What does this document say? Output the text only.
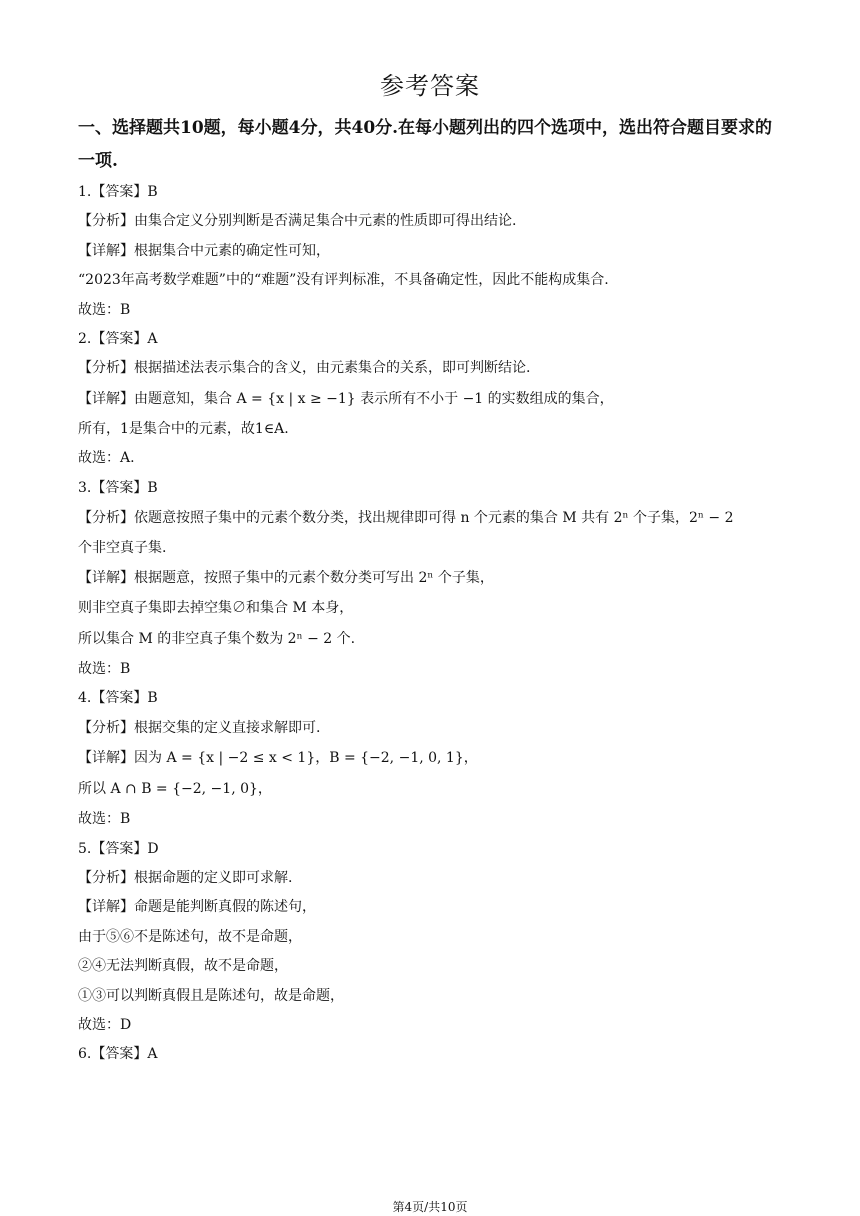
参考答案
一、选择题共10题，每小题4分，共40分.在每小题列出的四个选项中，选出符合题目要求的一项.
1.【答案】B
【分析】由集合定义分别判断是否满足集合中元素的性质即可得出结论.
【详解】根据集合中元素的确定性可知，
“2023年高考数学难题”中的“难题”没有评判标准，不具备确定性，因此不能构成集合.
故选：B
2.【答案】A
【分析】根据描述法表示集合的含义，由元素集合的关系，即可判断结论.
【详解】由题意知，集合 A = {x | x ≥ −1} 表示所有不小于 −1 的实数组成的集合，
所有，1是集合中的元素，故1∈A.
故选：A.
3.【答案】B
【分析】依题意按照子集中的元素个数分类，找出规律即可得 n 个元素的集合 M 共有 2ⁿ 个子集，2ⁿ − 2
个非空真子集.
【详解】根据题意，按照子集中的元素个数分类可写出 2ⁿ 个子集，
则非空真子集即去掉空集∅和集合 M 本身，
所以集合 M 的非空真子集个数为 2ⁿ − 2 个.
故选：B
4.【答案】B
【分析】根据交集的定义直接求解即可.
【详解】因为 A = {x | −2 ≤ x < 1}，B = {−2, −1, 0, 1}，
所以 A ∩ B = {−2, −1, 0}，
故选：B
5.【答案】D
【分析】根据命题的定义即可求解.
【详解】命题是能判断真假的陈述句，
由于⑤⑥不是陈述句，故不是命题，
②④无法判断真假，故不是命题，
①③可以判断真假且是陈述句，故是命题，
故选：D
6.【答案】A
第4页/共10页
